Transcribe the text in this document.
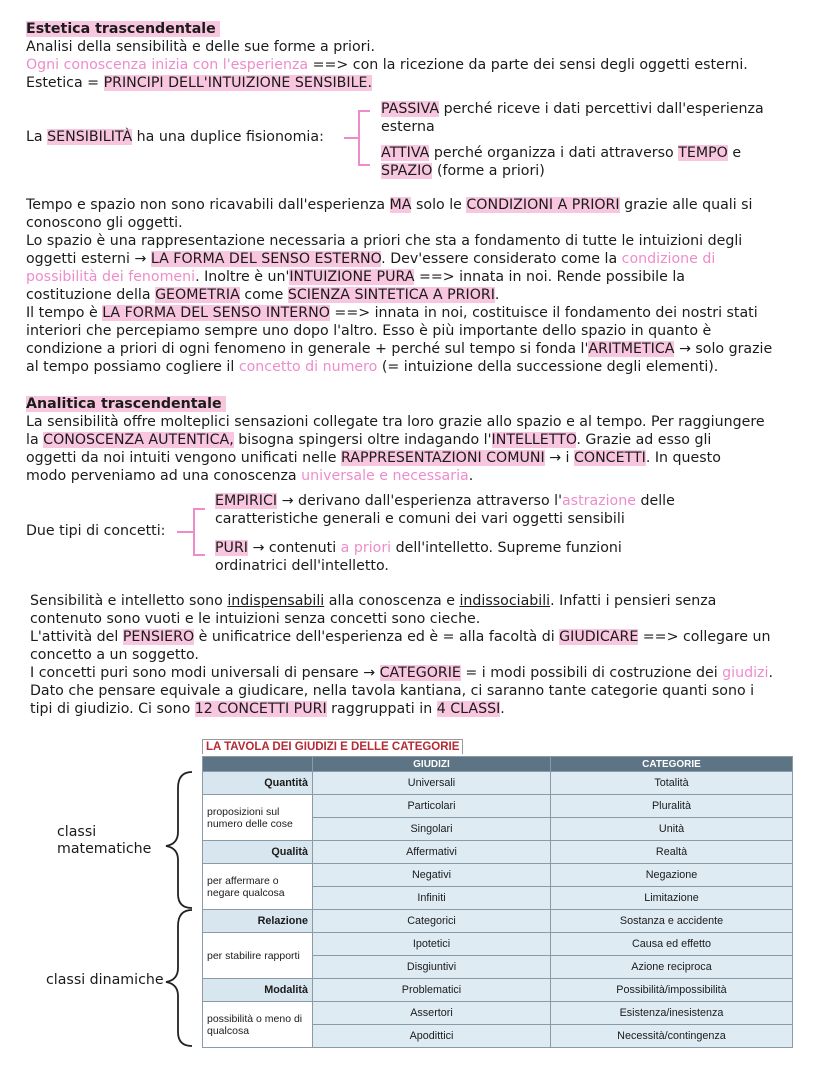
Estetica trascendentale
Analisi della sensibilità e delle sue forme a priori.
Ogni conoscenza inizia con l'esperienza ==> con la ricezione da parte dei sensi degli oggetti esterni.
Estetica = PRINCIPI DELL'INTUIZIONE SENSIBILE.
La SENSIBILITÀ ha una duplice fisionomia:
PASSIVA perché riceve i dati percettivi dall'esperienza
esterna
ATTIVA perché organizza i dati attraverso TEMPO e
SPAZIO (forme a priori)
Tempo e spazio non sono ricavabili dall'esperienza MA solo le CONDIZIONI A PRIORI grazie alle quali si
conoscono gli oggetti.
Lo spazio è una rappresentazione necessaria a priori che sta a fondamento di tutte le intuizioni degli
oggetti esterni → LA FORMA DEL SENSO ESTERNO. Dev'essere considerato come la condizione di
possibilità dei fenomeni. Inoltre è un'INTUIZIONE PURA ==> innata in noi. Rende possibile la
costituzione della GEOMETRIA come SCIENZA SINTETICA A PRIORI.
Il tempo è LA FORMA DEL SENSO INTERNO ==> innata in noi, costituisce il fondamento dei nostri stati
interiori che percepiamo sempre uno dopo l'altro. Esso è più importante dello spazio in quanto è
condizione a priori di ogni fenomeno in generale + perché sul tempo si fonda l'ARITMETICA → solo grazie
al tempo possiamo cogliere il concetto di numero (= intuizione della successione degli elementi).
Analitica trascendentale
La sensibilità offre molteplici sensazioni collegate tra loro grazie allo spazio e al tempo. Per raggiungere
la CONOSCENZA AUTENTICA, bisogna spingersi oltre indagando l'INTELLETTO. Grazie ad esso gli
oggetti da noi intuiti vengono unificati nelle RAPPRESENTAZIONI COMUNI → i CONCETTI. In questo
modo perveniamo ad una conoscenza universale e necessaria.
Due tipi di concetti:
EMPIRICI → derivano dall'esperienza attraverso l'astrazione delle
caratteristiche generali e comuni dei vari oggetti sensibili
PURI → contenuti a priori dell'intelletto. Supreme funzioni
ordinatrici dell'intelletto.
Sensibilità e intelletto sono indispensabili alla conoscenza e indissociabili. Infatti i pensieri senza
contenuto sono vuoti e le intuizioni senza concetti sono cieche.
L'attività del PENSIERO è unificatrice dell'esperienza ed è = alla facoltà di GIUDICARE ==> collegare un
concetto a un soggetto.
I concetti puri sono modi universali di pensare → CATEGORIE = i modi possibili di costruzione dei giudizi.
Dato che pensare equivale a giudicare, nella tavola kantiana, ci saranno tante categorie quanti sono i
tipi di giudizio. Ci sono 12 CONCETTI PURI raggruppati in 4 CLASSI.
LA TAVOLA DEI GIUDIZI E DELLE CATEGORIE
classi
matematiche
classi dinamiche
	GIUDIZI	CATEGORIE
Quantità	Universali	Totalità
proposizioni sul numero delle cose	Particolari	Pluralità
	Singolari	Unità
Qualità	Affermativi	Realtà
per affermare o negare qualcosa	Negativi	Negazione
	Infiniti	Limitazione
Relazione	Categorici	Sostanza e accidente
per stabilire rapporti	Ipotetici	Causa ed effetto
	Disgiuntivi	Azione reciproca
Modalità	Problematici	Possibilità/impossibilità
possibilità o meno di qualcosa	Assertori	Esistenza/inesistenza
	Apodittici	Necessità/contingenza
